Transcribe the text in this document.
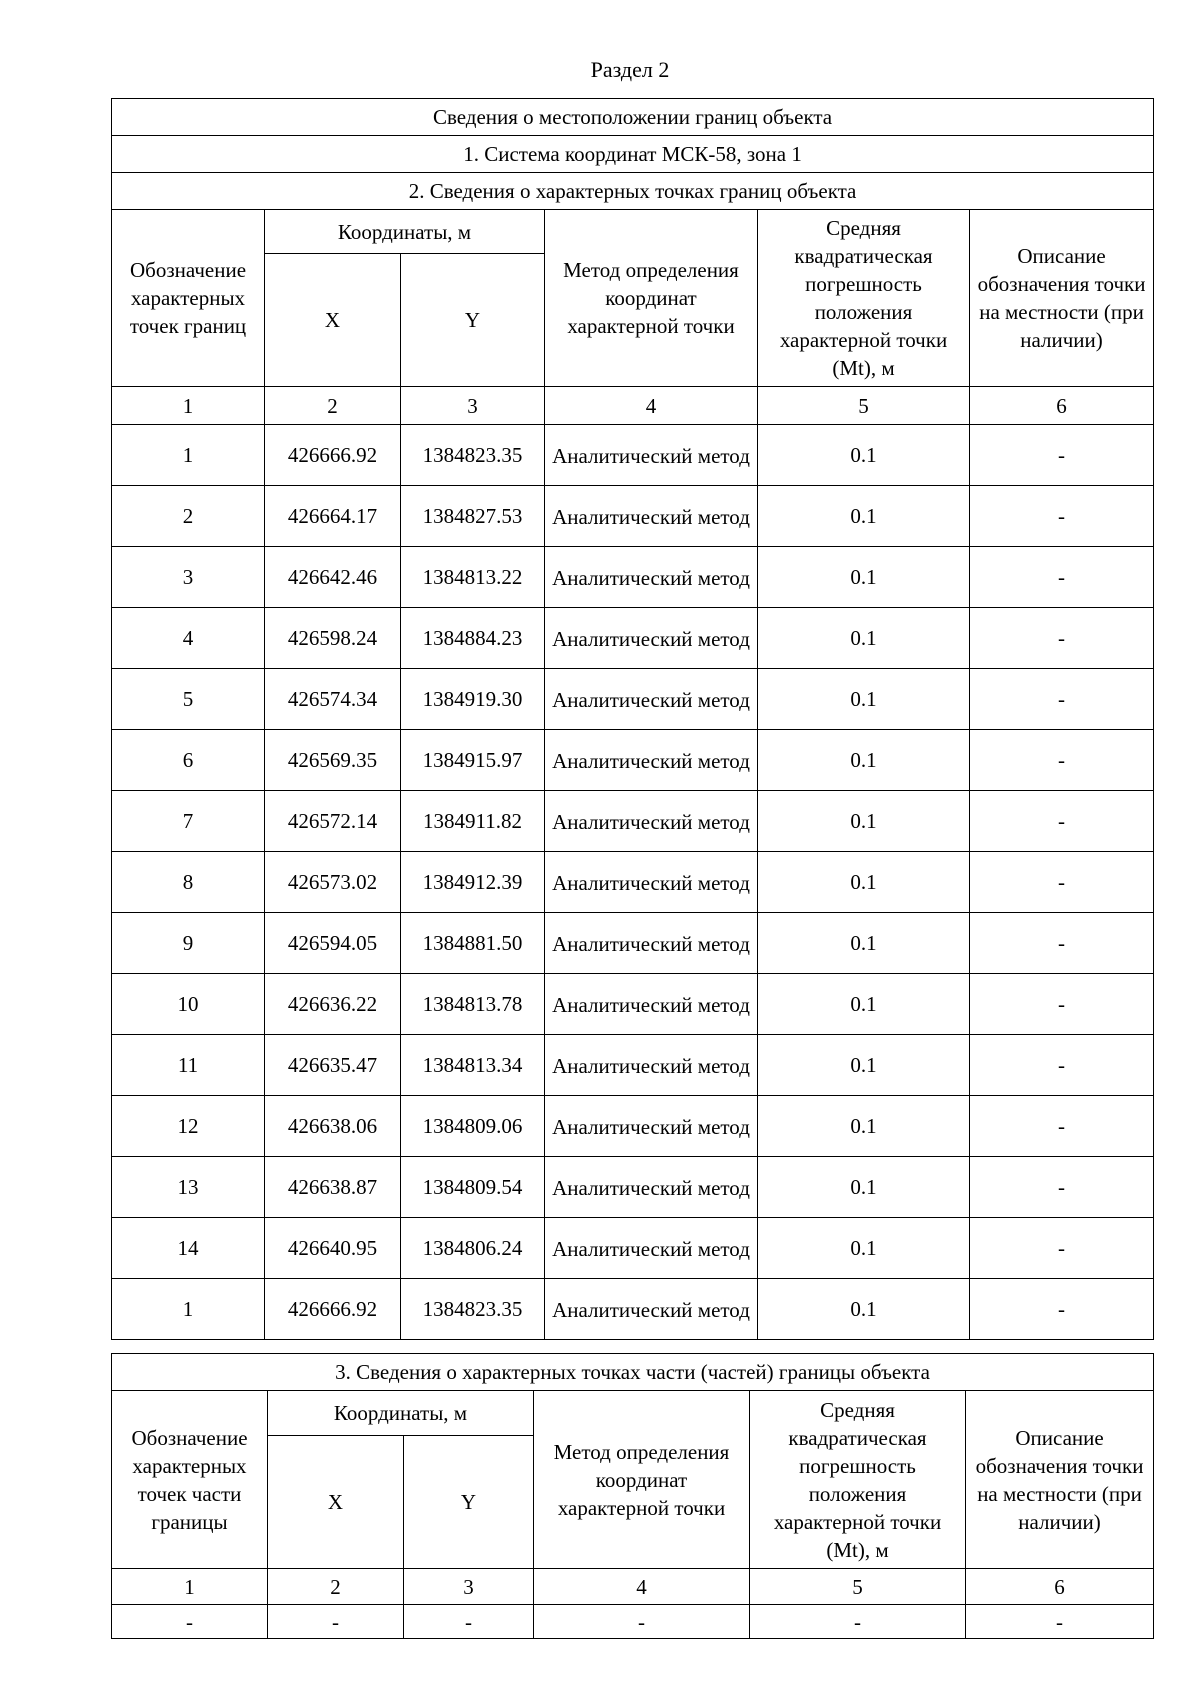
Раздел 2
Сведения о местоположении границ объекта					
1. Система координат МСК-58, зона 1					
2. Сведения о характерных точках границ объекта					
Обозначение характерных точек границ	Координаты, м		Метод определения координат характерной точки	Средняя квадратическая погрешность положения характерной точки (Mt), м	Описание обозначения точки на местности (при наличии)
	X	Y			
1	2	3	4	5	6
1	426666.92	1384823.35	Аналитический метод	0.1	-
2	426664.17	1384827.53	Аналитический метод	0.1	-
3	426642.46	1384813.22	Аналитический метод	0.1	-
4	426598.24	1384884.23	Аналитический метод	0.1	-
5	426574.34	1384919.30	Аналитический метод	0.1	-
6	426569.35	1384915.97	Аналитический метод	0.1	-
7	426572.14	1384911.82	Аналитический метод	0.1	-
8	426573.02	1384912.39	Аналитический метод	0.1	-
9	426594.05	1384881.50	Аналитический метод	0.1	-
10	426636.22	1384813.78	Аналитический метод	0.1	-
11	426635.47	1384813.34	Аналитический метод	0.1	-
12	426638.06	1384809.06	Аналитический метод	0.1	-
13	426638.87	1384809.54	Аналитический метод	0.1	-
14	426640.95	1384806.24	Аналитический метод	0.1	-
1	426666.92	1384823.35	Аналитический метод	0.1	-
3. Сведения о характерных точках части (частей) границы объекта					
Обозначение характерных точек части границы	Координаты, м		Метод определения координат характерной точки	Средняя квадратическая погрешность положения характерной точки (Mt), м	Описание обозначения точки на местности (при наличии)
	X	Y			
1	2	3	4	5	6
-	-	-	-	-	-
